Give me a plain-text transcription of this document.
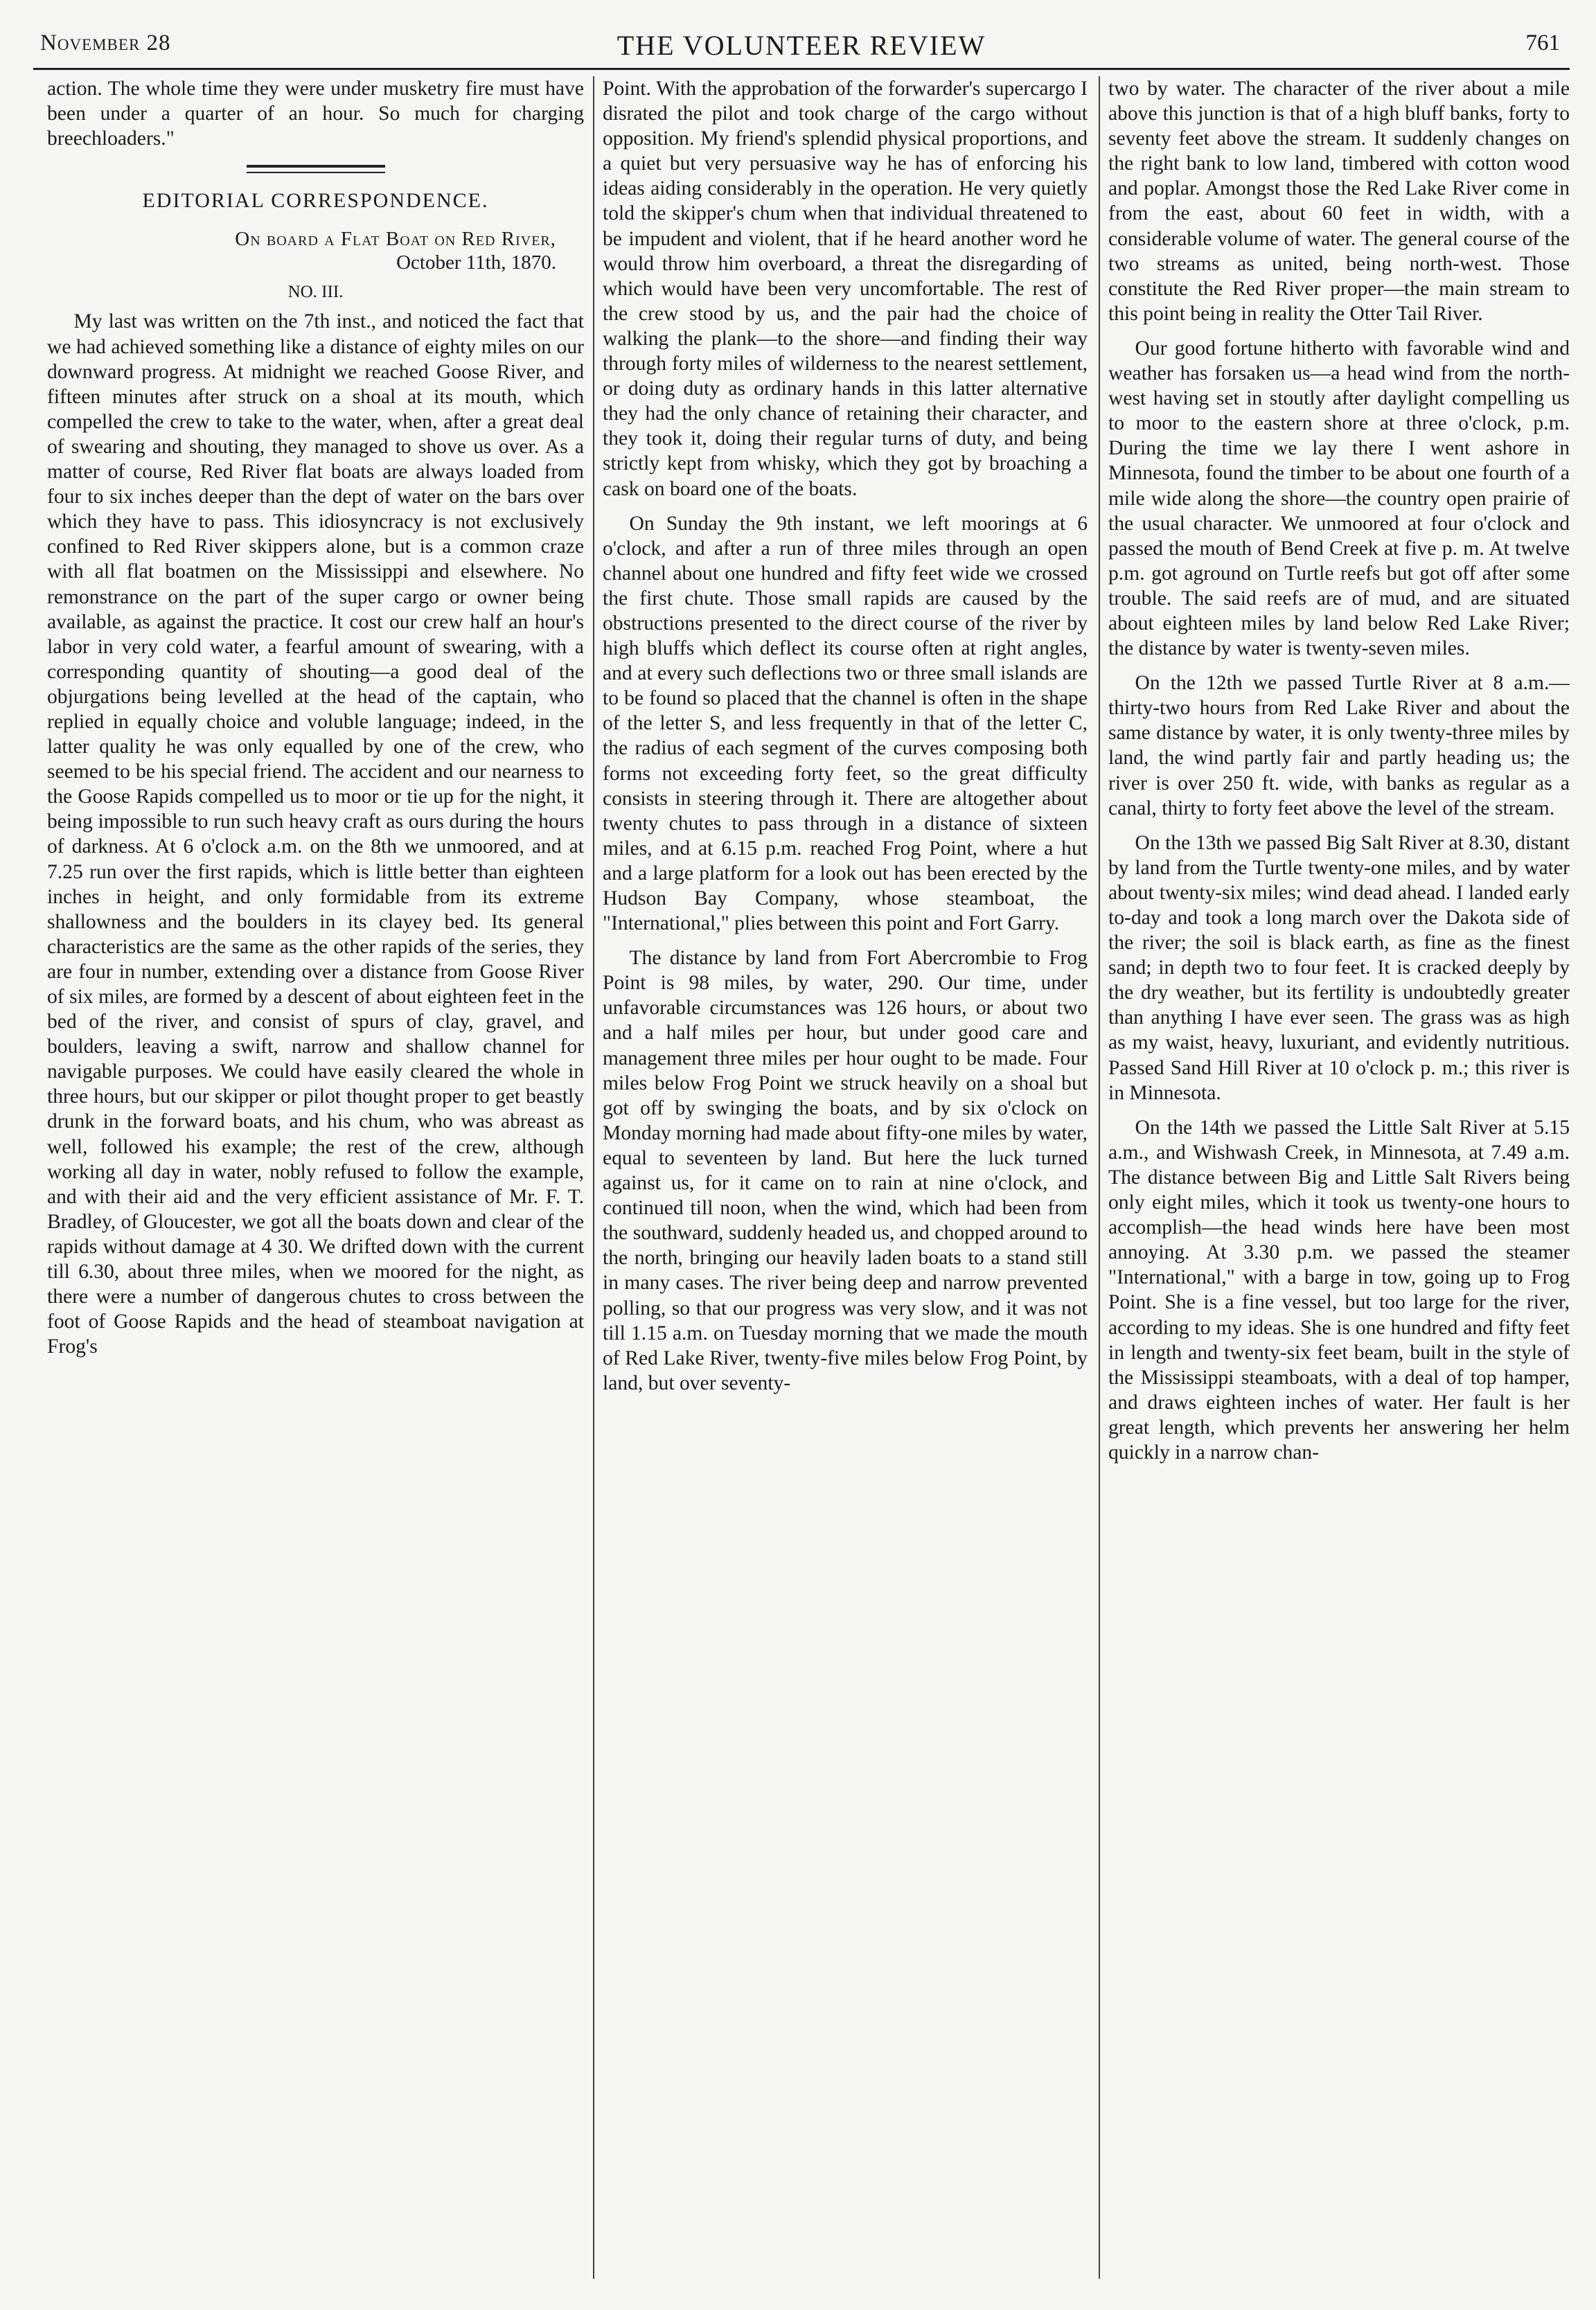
November 28	THE VOLUNTEER REVIEW	761

action. The whole time they were under musketry fire must have been under a quarter of an hour. So much for charging breechloaders."

EDITORIAL CORRESPONDENCE.
On board a Flat Boat on Red River,
October 11th, 1870.
NO. III.

My last was written on the 7th inst., and noticed the fact that we had achieved something like a distance of eighty miles on our downward progress. At midnight we reached Goose River, and fifteen minutes after struck on a shoal at its mouth, which compelled the crew to take to the water, when, after a great deal of swearing and shouting, they managed to shove us over. As a matter of course, Red River flat boats are always loaded from four to six inches deeper than the dept of water on the bars over which they have to pass. This idiosyncracy is not exclusively confined to Red River skippers alone, but is a common craze with all flat boatmen on the Mississippi and elsewhere. No remonstrance on the part of the super cargo or owner being available, as against the practice. It cost our crew half an hour's labor in very cold water, a fearful amount of swearing, with a corresponding quantity of shouting—a good deal of the objurgations being levelled at the head of the captain, who replied in equally choice and voluble language; indeed, in the latter quality he was only equalled by one of the crew, who seemed to be his special friend. The accident and our nearness to the Goose Rapids compelled us to moor or tie up for the night, it being impossible to run such heavy craft as ours during the hours of darkness. At 6 o'clock a.m. on the 8th we unmoored, and at 7.25 run over the first rapids, which is little better than eighteen inches in height, and only formidable from its extreme shallowness and the boulders in its clayey bed. Its general characteristics are the same as the other rapids of the series, they are four in number, extending over a distance from Goose River of six miles, are formed by a descent of about eighteen feet in the bed of the river, and consist of spurs of clay, gravel, and boulders, leaving a swift, narrow and shallow channel for navigable purposes. We could have easily cleared the whole in three hours, but our skipper or pilot thought proper to get beastly drunk in the forward boats, and his chum, who was abreast as well, followed his example; the rest of the crew, although working all day in water, nobly refused to follow the example, and with their aid and the very efficient assistance of Mr. F. T. Bradley, of Gloucester, we got all the boats down and clear of the rapids without damage at 4 30. We drifted down with the current till 6.30, about three miles, when we moored for the night, as there were a number of dangerous chutes to cross between the foot of Goose Rapids and the head of steamboat navigation at Frog's

Point. With the approbation of the forwarder's supercargo I disrated the pilot and took charge of the cargo without opposition. My friend's splendid physical proportions, and a quiet but very persuasive way he has of enforcing his ideas aiding considerably in the operation. He very quietly told the skipper's chum when that individual threatened to be impudent and violent, that if he heard another word he would throw him overboard, a threat the disregarding of which would have been very uncomfortable. The rest of the crew stood by us, and the pair had the choice of walking the plank—to the shore—and finding their way through forty miles of wilderness to the nearest settlement, or doing duty as ordinary hands in this latter alternative they had the only chance of retaining their character, and they took it, doing their regular turns of duty, and being strictly kept from whisky, which they got by broaching a cask on board one of the boats.

On Sunday the 9th instant, we left moorings at 6 o'clock, and after a run of three miles through an open channel about one hundred and fifty feet wide we crossed the first chute. Those small rapids are caused by the obstructions presented to the direct course of the river by high bluffs which deflect its course often at right angles, and at every such deflections two or three small islands are to be found so placed that the channel is often in the shape of the letter S, and less frequently in that of the letter C, the radius of each segment of the curves composing both forms not exceeding forty feet, so the great difficulty consists in steering through it. There are altogether about twenty chutes to pass through in a distance of sixteen miles, and at 6.15 p.m. reached Frog Point, where a hut and a large platform for a look out has been erected by the Hudson Bay Company, whose steamboat, the "International," plies between this point and Fort Garry.

The distance by land from Fort Abercrombie to Frog Point is 98 miles, by water, 290. Our time, under unfavorable circumstances was 126 hours, or about two and a half miles per hour, but under good care and management three miles per hour ought to be made. Four miles below Frog Point we struck heavily on a shoal but got off by swinging the boats, and by six o'clock on Monday morning had made about fifty-one miles by water, equal to seventeen by land. But here the luck turned against us, for it came on to rain at nine o'clock, and continued till noon, when the wind, which had been from the southward, suddenly headed us, and chopped around to the north, bringing our heavily laden boats to a stand still in many cases. The river being deep and narrow prevented polling, so that our progress was very slow, and it was not till 1.15 a.m. on Tuesday morning that we made the mouth of Red Lake River, twenty-five miles below Frog Point, by land, but over seventy-

two by water. The character of the river about a mile above this junction is that of a high bluff banks, forty to seventy feet above the stream. It suddenly changes on the right bank to low land, timbered with cotton wood and poplar. Amongst those the Red Lake River come in from the east, about 60 feet in width, with a considerable volume of water. The general course of the two streams as united, being north-west. Those constitute the Red River proper—the main stream to this point being in reality the Otter Tail River.

Our good fortune hitherto with favorable wind and weather has forsaken us—a head wind from the north-west having set in stoutly after daylight compelling us to moor to the eastern shore at three o'clock, p.m. During the time we lay there I went ashore in Minnesota, found the timber to be about one fourth of a mile wide along the shore—the country open prairie of the usual character. We unmoored at four o'clock and passed the mouth of Bend Creek at five p. m. At twelve p.m. got aground on Turtle reefs but got off after some trouble. The said reefs are of mud, and are situated about eighteen miles by land below Red Lake River; the distance by water is twenty-seven miles.

On the 12th we passed Turtle River at 8 a.m.—thirty-two hours from Red Lake River and about the same distance by water, it is only twenty-three miles by land, the wind partly fair and partly heading us; the river is over 250 ft. wide, with banks as regular as a canal, thirty to forty feet above the level of the stream.

On the 13th we passed Big Salt River at 8.30, distant by land from the Turtle twenty-one miles, and by water about twenty-six miles; wind dead ahead. I landed early to-day and took a long march over the Dakota side of the river; the soil is black earth, as fine as the finest sand; in depth two to four feet. It is cracked deeply by the dry weather, but its fertility is undoubtedly greater than anything I have ever seen. The grass was as high as my waist, heavy, luxuriant, and evidently nutritious. Passed Sand Hill River at 10 o'clock p. m.; this river is in Minnesota.

On the 14th we passed the Little Salt River at 5.15 a.m., and Wishwash Creek, in Minnesota, at 7.49 a.m. The distance between Big and Little Salt Rivers being only eight miles, which it took us twenty-one hours to accomplish—the head winds here have been most annoying. At 3.30 p.m. we passed the steamer "International," with a barge in tow, going up to Frog Point. She is a fine vessel, but too large for the river, according to my ideas. She is one hundred and fifty feet in length and twenty-six feet beam, built in the style of the Mississippi steamboats, with a deal of top hamper, and draws eighteen inches of water. Her fault is her great length, which prevents her answering her helm quickly in a narrow chan-
